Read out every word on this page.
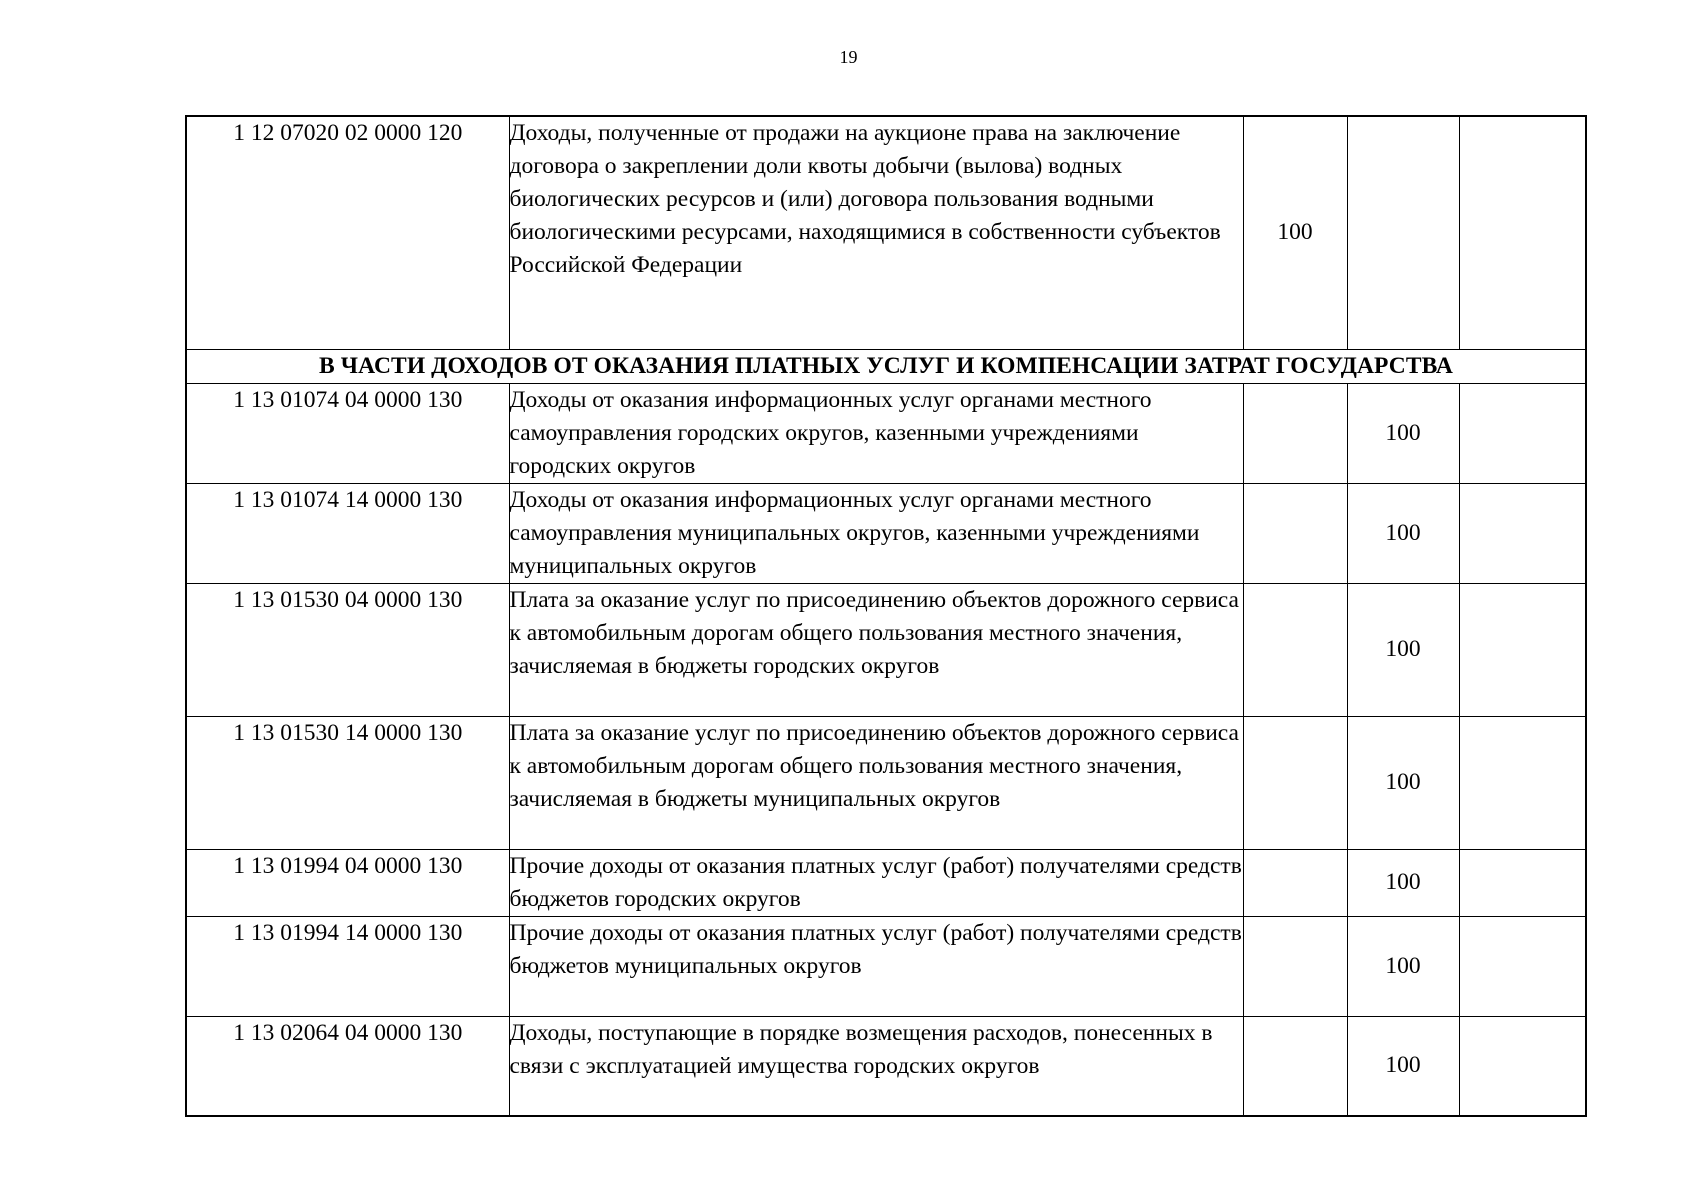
19
1 12 07020 02 0000 120	Доходы, полученные от продажи на аукционе права на заключение договора о закреплении доли квоты добычи (вылова) водных биологических ресурсов и (или) договора пользования водными биологическими ресурсами, находящимися в собственности субъектов Российской Федерации	100		
В ЧАСТИ ДОХОДОВ ОТ ОКАЗАНИЯ ПЛАТНЫХ УСЛУГ И КОМПЕНСАЦИИ ЗАТРАТ ГОСУДАРСТВА				
1 13 01074 04 0000 130	Доходы от оказания информационных услуг органами местного самоуправления городских округов, казенными учреждениями городских округов		100	
1 13 01074 14 0000 130	Доходы от оказания информационных услуг органами местного самоуправления муниципальных округов, казенными учреждениями муниципальных округов		100	
1 13 01530 04 0000 130	Плата за оказание услуг по присоединению объектов дорожного сервиса к автомобильным дорогам общего пользования местного значения, зачисляемая в бюджеты городских округов		100	
1 13 01530 14 0000 130	Плата за оказание услуг по присоединению объектов дорожного сервиса к автомобильным дорогам общего пользования местного значения, зачисляемая в бюджеты муниципальных округов		100	
1 13 01994 04 0000 130	Прочие доходы от оказания платных услуг (работ) получателями средств бюджетов городских округов		100	
1 13 01994 14 0000 130	Прочие доходы от оказания платных услуг (работ) получателями средств бюджетов муниципальных округов		100	
1 13 02064 04 0000 130	Доходы, поступающие в порядке возмещения расходов, понесенных в связи с эксплуатацией имущества городских округов		100	
